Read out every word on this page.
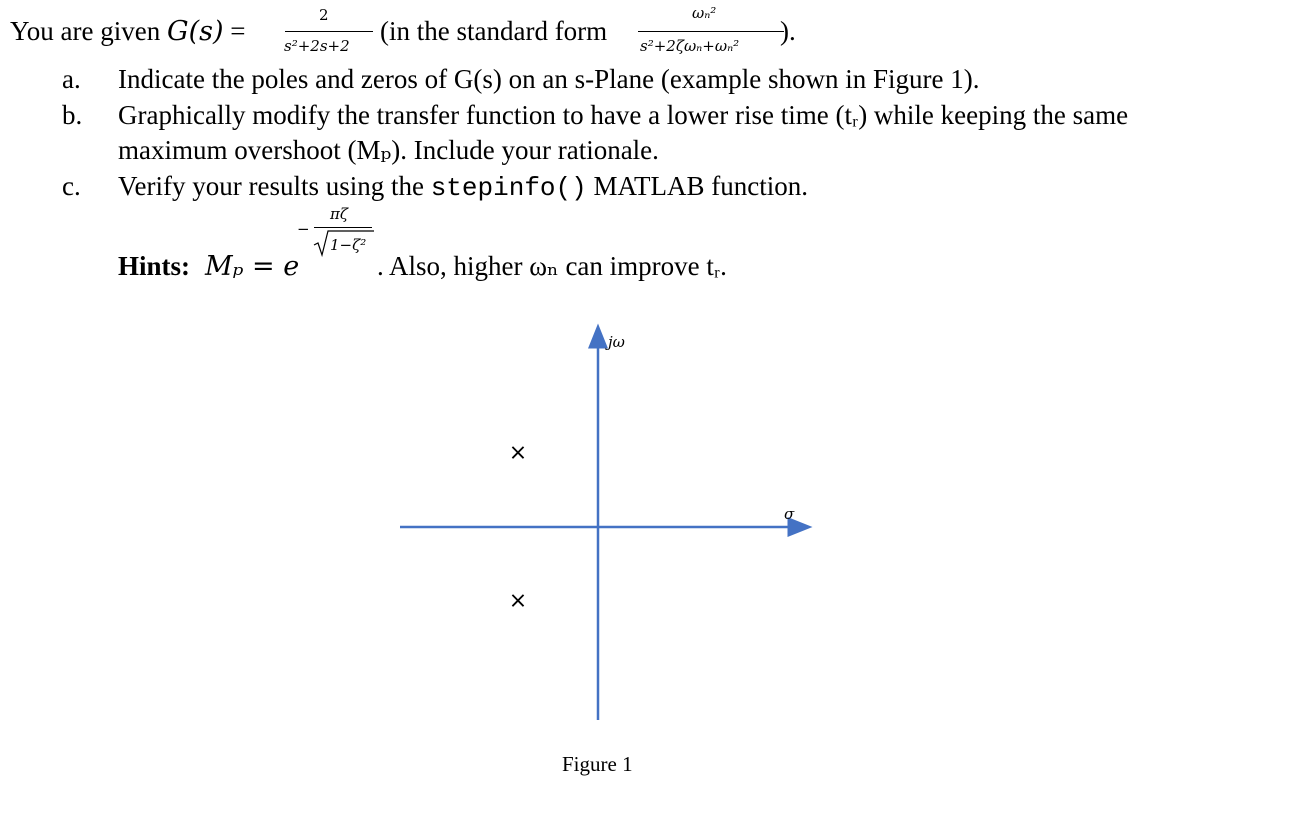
You are given G(s) =
2
s²+2s+2 (in the standard form
ωₙ²
s²+2ζωₙ+ωₙ² ).
a. Indicate the poles and zeros of G(s) on an s-Plane (example shown in Figure 1).
b. Graphically modify the transfer function to have a lower rise time (tᵣ) while keeping the same
maximum overshoot (Mₚ). Include your rationale.
c. Verify your results using the stepinfo() MATLAB function.
Hints: Mₚ = e
−
πζ
1−ζ²
. Also, higher ωₙ can improve tᵣ.
×
×
jω
σ
Figure 1
